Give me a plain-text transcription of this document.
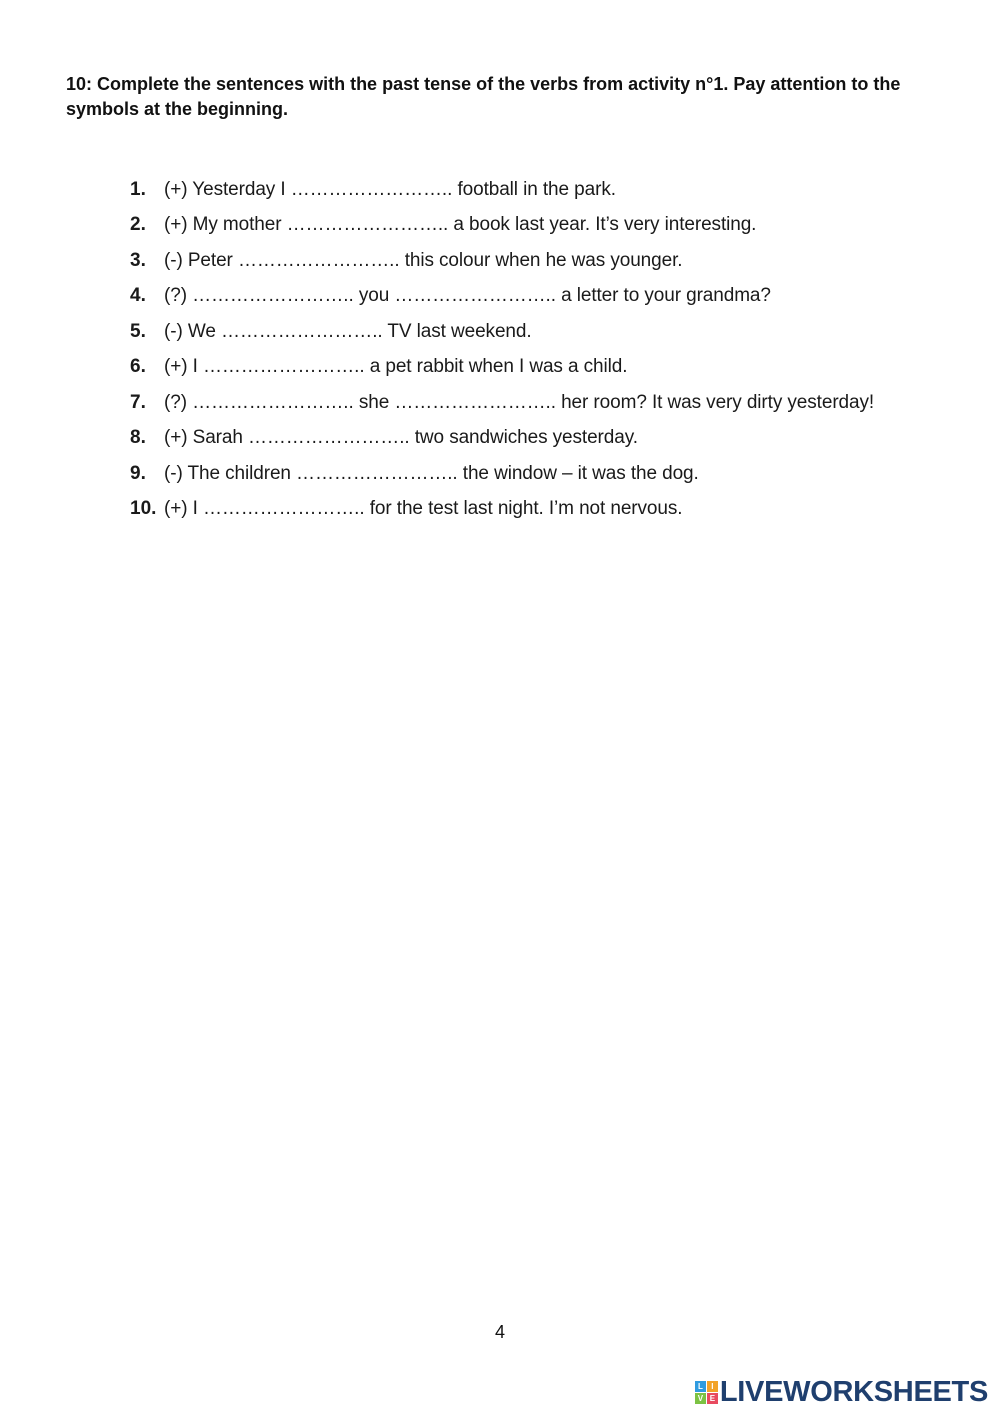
10: Complete the sentences with the past tense of the verbs from activity n°1. Pay attention to the symbols at the beginning.

1. (+) Yesterday I …………………….. football in the park.
2. (+) My mother …………………….. a book last year. It’s very interesting.
3. (-) Peter …………………….. this colour when he was younger.
4. (?) …………………….. you …………………….. a letter to your grandma?
5. (-) We …………………….. TV last weekend.
6. (+) I …………………….. a pet rabbit when I was a child.
7. (?) …………………….. she …………………….. her room? It was very dirty yesterday!
8. (+) Sarah …………………….. two sandwiches yesterday.
9. (-) The children …………………….. the window – it was the dog.
10. (+) I …………………….. for the test last night. I’m not nervous.
4
L	I
V E LIVEWORKSHEETS
